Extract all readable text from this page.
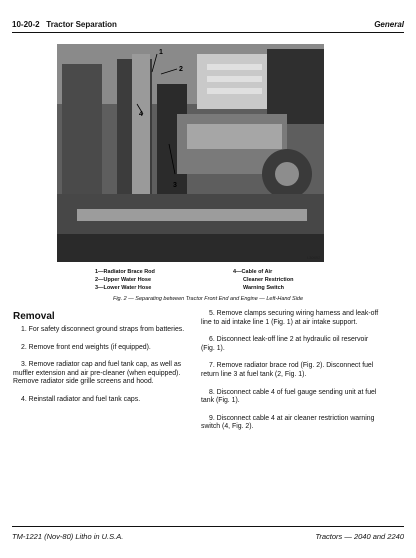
10-20-2 Tractor Separation	General
1
2
3
4
L30652
1—Radiator Brace Rod
2—Upper Water Hose
3—Lower Water Hose
4—Cable of Air
Cleaner Restriction
Warning Switch
Fig. 2 — Separating between Tractor Front End and Engine — Left-Hand Side
Removal

1. For safety disconnect ground straps from batteries.

2. Remove front end weights (if equipped).

3. Remove radiator cap and fuel tank cap, as well as muffler extension and air pre-cleaner (when equipped). Remove radiator side grille screens and hood.

4. Reinstall radiator and fuel tank caps.

5. Remove clamps securing wiring harness and leak-off line to aid intake line 1 (Fig. 1) at air intake support.

6. Disconnect leak-off line 2 at hydraulic oil reservoir (Fig. 1).

7. Remove radiator brace rod (Fig. 2). Disconnect fuel return line 3 at fuel tank (2, Fig. 1).

8. Disconnect cable 4 of fuel gauge sending unit at fuel tank (Fig. 1).

9. Disconnect cable 4 at air cleaner restriction warning switch (4, Fig. 2).

TM-1221 (Nov-80) Litho in U.S.A.	Tractors — 2040 and 2240
